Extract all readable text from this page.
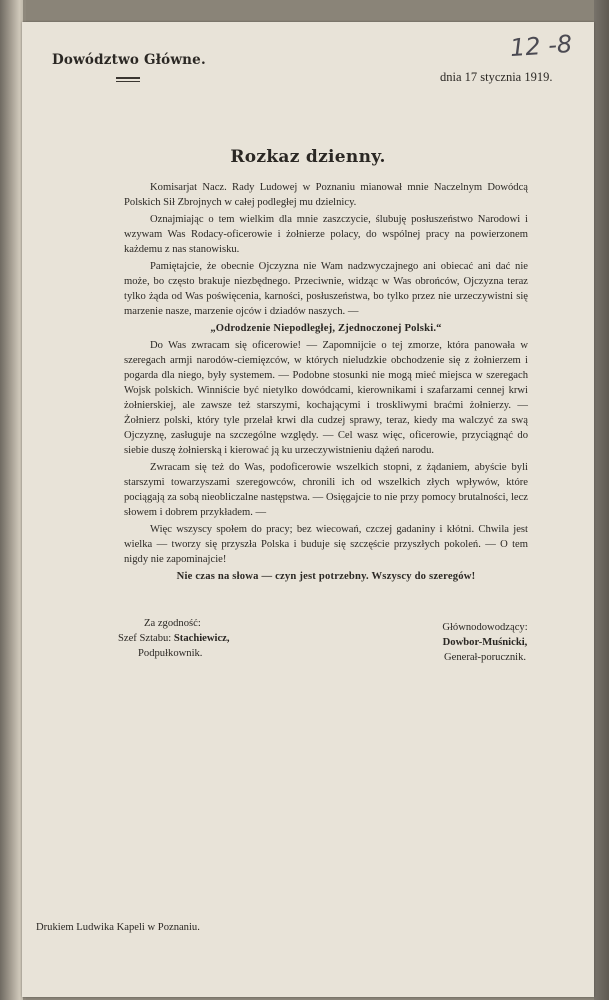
Dowództwo Główne.
dnia 17 stycznia 1919.
12 -8
Rozkaz dzienny.

Komisarjat Nacz. Rady Ludowej w Poznaniu mianował mnie Naczelnym Dowódcą Polskich Sił Zbrojnych w całej podległej mu dzielnicy.

Oznajmiając o tem wielkim dla mnie zaszczycie, ślubuję posłuszeństwo Narodowi i wzywam Was Rodacy-oficerowie i żołnierze polacy, do wspólnej pracy na powierzonem każdemu z nas stanowisku.

Pamiętajcie, że obecnie Ojczyzna nie Wam nadzwyczajnego ani obiecać ani dać nie może, bo często brakuje niezbędnego. Przeciwnie, widząc w Was obrońców, Ojczyzna teraz tylko żąda od Was poświęcenia, karności, posłuszeństwa, bo tylko przez nie urzeczywistni się marzenie nasze, marzenie ojców i dziadów naszych. —

„Odrodzenie Niepodległej, Zjednoczonej Polski.“

Do Was zwracam się oficerowie! — Zapomnijcie o tej zmorze, która panowała w szeregach armji narodów-ciemięzców, w których nieludzkie obchodzenie się z żołnierzem i pogarda dla niego, były systemem. — Podobne stosunki nie mogą mieć miejsca w szeregach Wojsk polskich. Winniście być nietylko dowódcami, kierownikami i szafarzami cennej krwi żołnierskiej, ale zawsze też starszymi, kochającymi i troskliwymi braćmi żołnierzy. — Żołnierz polski, który tyle przelał krwi dla cudzej sprawy, teraz, kiedy ma walczyć za swą Ojczyznę, zasługuje na szczególne względy. — Cel wasz więc, oficerowie, przyciągnąć do siebie duszę żołnierską i kierować ją ku urzeczywistnieniu dążeń narodu.

Zwracam się też do Was, podoficerowie wszelkich stopni, z żądaniem, abyście byli starszymi towarzyszami szeregowców, chronili ich od wszelkich złych wpływów, które pociągają za sobą nieobliczalne następstwa. — Osięgajcie to nie przy pomocy brutalności, lecz słowem i dobrem przykładem. —

Więc wszyscy społem do pracy; bez wiecowań, czczej gadaniny i kłótni. Chwila jest wielka — tworzy się przyszła Polska i buduje się szczęście przyszłych pokoleń. — O tem nigdy nie zapominajcie!

Nie czas na słowa — czyn jest potrzebny. Wszyscy do szeregów!

Za zgodność:
Szef Sztabu: Stachiewicz,
Podpułkownik.
Głównodowodzący:
Dowbor-Muśnicki,
Generał-porucznik.
Drukiem Ludwika Kapeli w Poznaniu.
